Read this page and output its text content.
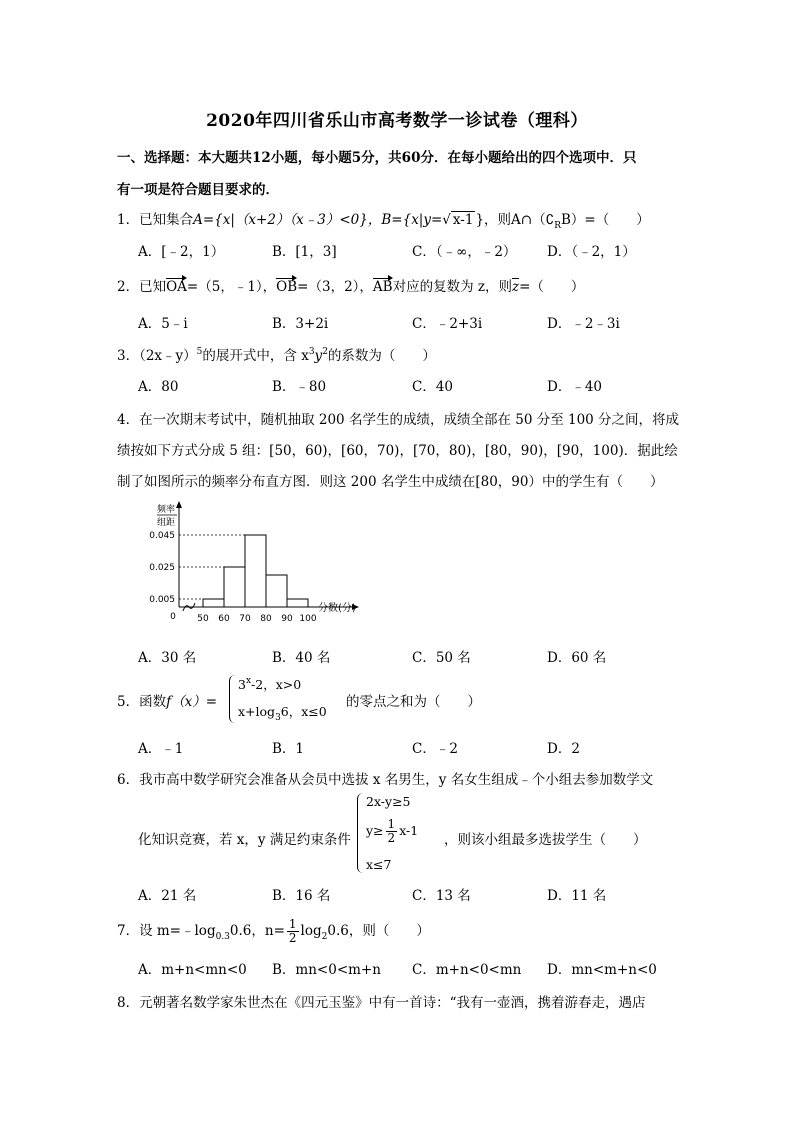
2020年四川省乐山市高考数学一诊试卷（理科）
一、选择题：本大题共12小题，每小题5分，共60分．在每小题给出的四个选项中．只
有一项是符合题目要求的．
1．已知集合A={x|（x+2）（x﹣3）<0}，B={x|y=√ x-1 }，则$A\cap(∁_RB)=$（　　）
A．[﹣2，1）	B．[1，3]	C．（﹣∞，﹣2） D．（﹣2，1）
2．已知OA=（5，﹣1），OB=（3，2），AB对应的复数为 z，则z=（　　）
A．5﹣i	B．3+2i	C．﹣2+3i	D．﹣2﹣3i
3．（2x﹣y）$^5$的展开式中，含 $x^3y^2$的系数为（　　）
A．80	B．﹣80	C．40	D．﹣40
4．在一次期末考试中，随机抽取 200 名学生的成绩，成绩全部在 50 分至 100 分之间，将成
绩按如下方式分成 5 组：[50，60)，[60，70)，[70，80)，[80，90)，[90，100)．据此绘
制了如图所示的频率分布直方图．则这 200 名学生中成绩在[80，90）中的学生有（　　）
频率
组距
0.045
0.025
0.005
50 60 70 80 90 100
0
分数(分)
A．30 名	B．40 名	C．50 名	D．60 名
5．函数f（x）=
$3^x-2$，x>0
$x+\log_36$，x≤0
的零点之和为（　　）
A．﹣1	B．1	C．﹣2	D．2
6．我市高中数学研究会准备从会员中选拔 x 名男生，y 名女生组成﹣个小组去参加数学文
化知识竞赛，若 x，y 满足约束条件
2x-y≥5
$y\ge \frac{1}{2} x-1$
x≤7
，则该小组最多选拔学生（　　）
A．21 名	B．16 名	C．13 名	D．11 名
7．设 $m=﹣\log_{0.3}0.6$，$n= \frac{1}{2} \log_20.6$，则（　　）
A．m+n<mn<0 B．mn<0<m+n C．m+n<0<mn D．mn<m+n<0
8．元朝著名数学家朱世杰在《四元玉鉴》中有一首诗：“我有一壶酒，携着游春走，遇店
